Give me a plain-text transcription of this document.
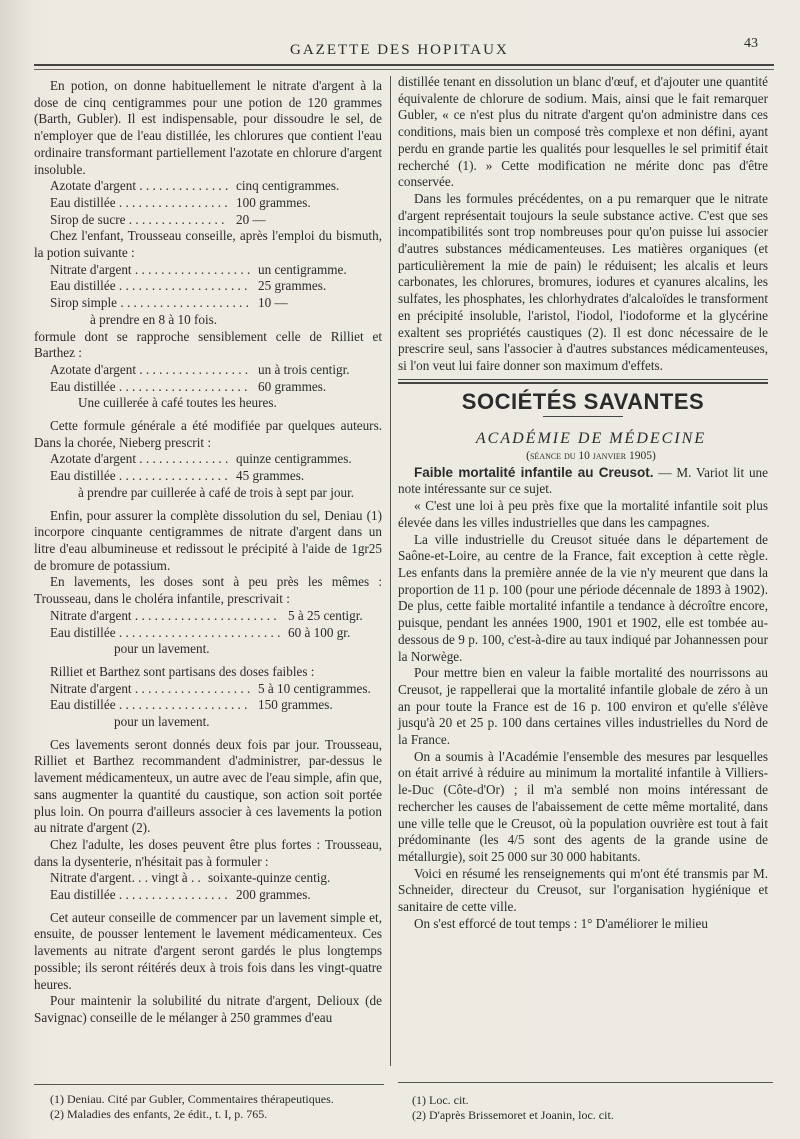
GAZETTE DES HOPITAUX	43

En potion, on donne habituellement le nitrate d'argent à la dose de cinq centigrammes pour une potion de 120 grammes (Barth, Gubler). Il est indispensable, pour dissoudre le sel, de n'employer que de l'eau distillée, les chlorures que contient l'eau ordinaire transformant partiellement l'azotate en chlorure d'argent insoluble.

Azotate d'argent . . .	cinq centigrammes.
Eau distillée . . .	100 grammes.
Sirop de sucre . . .	20 —

Chez l'enfant, Trousseau conseille, après l'emploi du bismuth, la potion suivante :

Nitrate d'argent . . .	un centigramme.
Eau distillée . . .	25 grammes.
Sirop simple . . .	10 —

à prendre en 8 à 10 fois.

formule dont se rapproche sensiblement celle de Rilliet et Barthez :

Azotate d'argent . . .	un à trois centigr.
Eau distillée . . .	60 grammes.

Une cuillerée à café toutes les heures.

Cette formule générale a été modifiée par quelques auteurs. Dans la chorée, Nieberg prescrit :

Azotate d'argent . . .	quinze centigrammes.
Eau distillée . . .	45 grammes.

à prendre par cuillerée à café de trois à sept par jour.

Enfin, pour assurer la complète dissolution du sel, Deniau (1) incorpore cinquante centigrammes de nitrate d'argent dans un litre d'eau albumineuse et redissout le précipité à l'aide de 1gr25 de bromure de potassium.

En lavements, les doses sont à peu près les mêmes : Trousseau, dans le choléra infantile, prescrivait :

Nitrate d'argent . . .	5 à 25 centigr.
Eau distillée . . .	60 à 100 gr.

pour un lavement.

Rilliet et Barthez sont partisans des doses faibles :

Nitrate d'argent . . .	5 à 10 centigrammes.
Eau distillée . . .	150 grammes.

pour un lavement.

Ces lavements seront donnés deux fois par jour. Trousseau, Rilliet et Barthez recommandent d'administrer, par-dessus le lavement médicamenteux, un autre avec de l'eau simple, afin que, sans augmenter la quantité du caustique, son action soit portée plus loin. On pourra d'ailleurs associer à ces lavements la potion au nitrate d'argent (2).

Chez l'adulte, les doses peuvent être plus fortes : Trousseau, dans la dysenterie, n'hésitait pas à formuler :

Nitrate d'argent. . . vingt à . . .	soixante-quinze centig.
Eau distillée . . .	200 grammes.

Cet auteur conseille de commencer par un lavement simple et, ensuite, de pousser lentement le lavement médicamenteux. Ces lavements au nitrate d'argent seront gardés le plus longtemps possible; ils seront réitérés deux à trois fois dans les vingt-quatre heures.

Pour maintenir la solubilité du nitrate d'argent, Delioux (de Savignac) conseille de le mélanger à 250 grammes d'eau

distillée tenant en dissolution un blanc d'œuf, et d'ajouter une quantité équivalente de chlorure de sodium. Mais, ainsi que le fait remarquer Gubler, « ce n'est plus du nitrate d'argent qu'on administre dans ces conditions, mais bien un composé très complexe et non défini, ayant perdu en grande partie les qualités pour lesquelles le sel primitif était recherché (1). » Cette modification ne mérite donc pas d'être conservée.

Dans les formules précédentes, on a pu remarquer que le nitrate d'argent représentait toujours la seule substance active. C'est que ses incompatibilités sont trop nombreuses pour qu'on puisse lui associer d'autres substances médicamenteuses. Les matières organiques (et particulièrement la mie de pain) le réduisent; les alcalis et leurs carbonates, les chlorures, bromures, iodures et cyanures alcalins, les sulfates, les phosphates, les chlorhydrates d'alcaloïdes le transforment en précipité insoluble, l'aristol, l'iodol, l'iodoforme et la glycérine exaltent ses propriétés caustiques (2). Il est donc nécessaire de le prescrire seul, sans l'associer à d'autres substances médicamenteuses, si l'on veut lui faire donner son maximum d'effets.

SOCIÉTÉS SAVANTES

ACADÉMIE DE MÉDECINE

(séance du 10 janvier 1905)

Faible mortalité infantile au Creusot. — M. Variot lit une note intéressante sur ce sujet.

« C'est une loi à peu près fixe que la mortalité infantile soit plus élevée dans les villes industrielles que dans les campagnes.

La ville industrielle du Creusot située dans le département de Saône-et-Loire, au centre de la France, fait exception à cette règle. Les enfants dans la première année de la vie n'y meurent que dans la proportion de 11 p. 100 (pour une période décennale de 1893 à 1902). De plus, cette faible mortalité infantile a tendance à décroître encore, puisque, pendant les années 1900, 1901 et 1902, elle est tombée au-dessous de 9 p. 100, c'est-à-dire au taux indiqué par Johannessen pour la Norwège.

Pour mettre bien en valeur la faible mortalité des nourrissons au Creusot, je rappellerai que la mortalité infantile globale de zéro à un an pour toute la France est de 16 p. 100 environ et qu'elle s'élève jusqu'à 20 et 25 p. 100 dans certaines villes industrielles du Nord de la France.

On a soumis à l'Académie l'ensemble des mesures par lesquelles on était arrivé à réduire au minimum la mortalité infantile à Villiers-le-Duc (Côte-d'Or) ; il m'a semblé non moins intéressant de rechercher les causes de l'abaissement de cette même mortalité, dans une ville telle que le Creusot, où la population ouvrière est tout à fait prédominante (les 4/5 sont des agents de la grande usine de métallurgie), soit 25 000 sur 30 000 habitants.

Voici en résumé les renseignements qui m'ont été transmis par M. Schneider, directeur du Creusot, sur l'organisation hygiénique et sanitaire de cette ville.

On s'est efforcé de tout temps : 1° D'améliorer le milieu

(1) Deniau. Cité par Gubler, Commentaires thérapeutiques.
(2) Maladies des enfants, 2e édit., t. I, p. 765.
(1) Loc. cit.
(2) D'après Brissemoret et Joanin, loc. cit.
